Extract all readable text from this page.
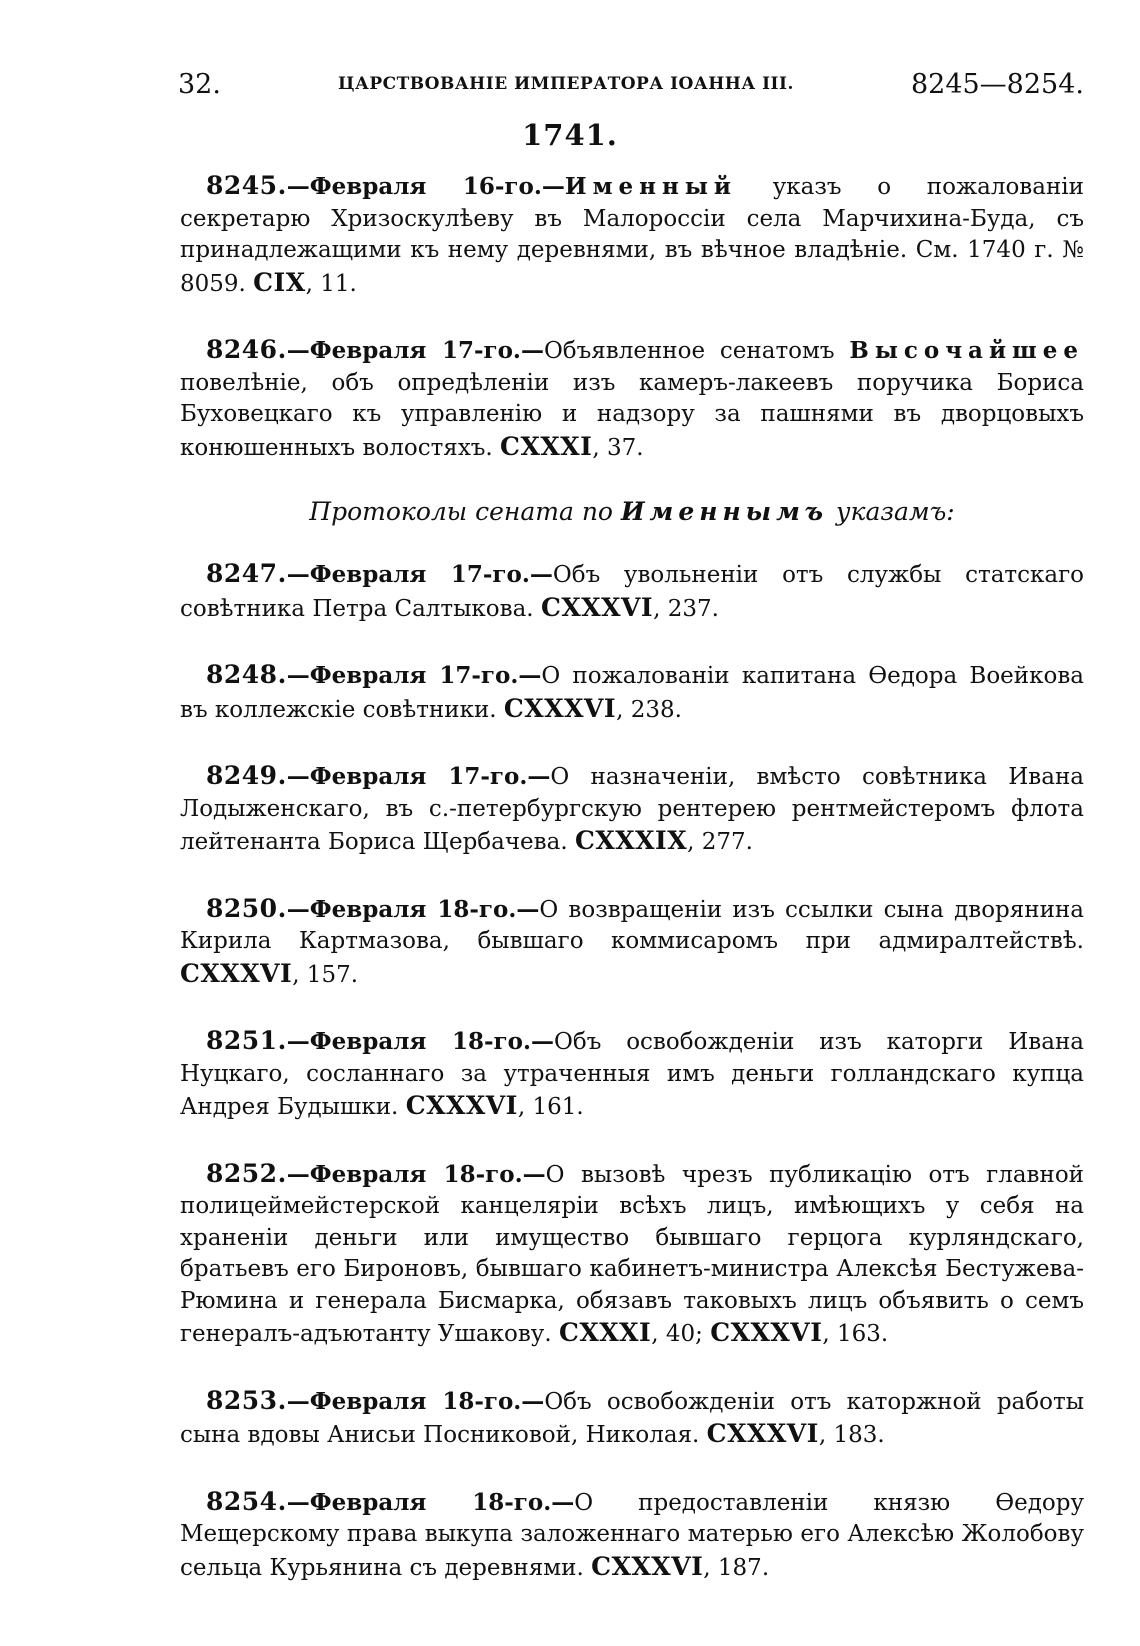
32.	ЦАРСТВОВАНІЕ ИМПЕРАТОРА ІОАННА III.	8245—8254.
1741.

8245.—Февраля 16-го.—Именный указъ о пожалованіи секретарю Хризоскулѣеву въ Малороссіи села Марчихина-Буда, съ принадлежащими къ нему деревнями, въ вѣчное владѣніе. См. 1740 г. № 8059. CIX, 11.

8246.—Февраля 17-го.—Объявленное сенатомъ Высочайшее повелѣніе, объ опредѣленіи изъ камеръ-лакеевъ поручика Бориса Буховецкаго къ управленію и надзору за пашнями въ дворцовыхъ конюшенныхъ волостяхъ. CXXXI, 37.

Протоколы сената по Именнымъ указамъ:

8247.—Февраля 17-го.—Объ увольненіи отъ службы статскаго совѣтника Петра Салтыкова. CXXXVI, 237.

8248.—Февраля 17-го.—О пожалованіи капитана Ѳедора Воейкова въ коллежскіе совѣтники. CXXXVI, 238.

8249.—Февраля 17-го.—О назначеніи, вмѣсто совѣтника Ивана Лодыженскаго, въ с.-петербургскую рентерею рентмейстеромъ флота лейтенанта Бориса Щербачева. CXXXIX, 277.

8250.—Февраля 18-го.—О возвращеніи изъ ссылки сына дворянина Кирила Картмазова, бывшаго коммисаромъ при адмиралтействѣ. CXXXVI, 157.

8251.—Февраля 18-го.—Объ освобожденіи изъ каторги Ивана Нуцкаго, сосланнаго за утраченныя имъ деньги голландскаго купца Андрея Будышки. CXXXVI, 161.

8252.—Февраля 18-го.—О вызовѣ чрезъ публикацію отъ главной полицеймейстерской канцеляріи всѣхъ лицъ, имѣющихъ у себя на храненіи деньги или имущество бывшаго герцога курляндскаго, братьевъ его Бироновъ, бывшаго кабинетъ-министра Алексѣя Бестужева-Рюмина и генерала Бисмарка, обязавъ таковыхъ лицъ объявить о семъ генералъ-адъютанту Ушакову. CXXXI, 40; CXXXVI, 163.

8253.—Февраля 18-го.—Объ освобожденіи отъ каторжной работы сына вдовы Анисьи Посниковой, Николая. CXXXVI, 183.

8254.—Февраля 18-го.—О предоставленіи князю Ѳедору Мещерскому права выкупа заложеннаго матерью его Алексѣю Жолобову сельца Курьянина съ деревнями. CXXXVI, 187.
